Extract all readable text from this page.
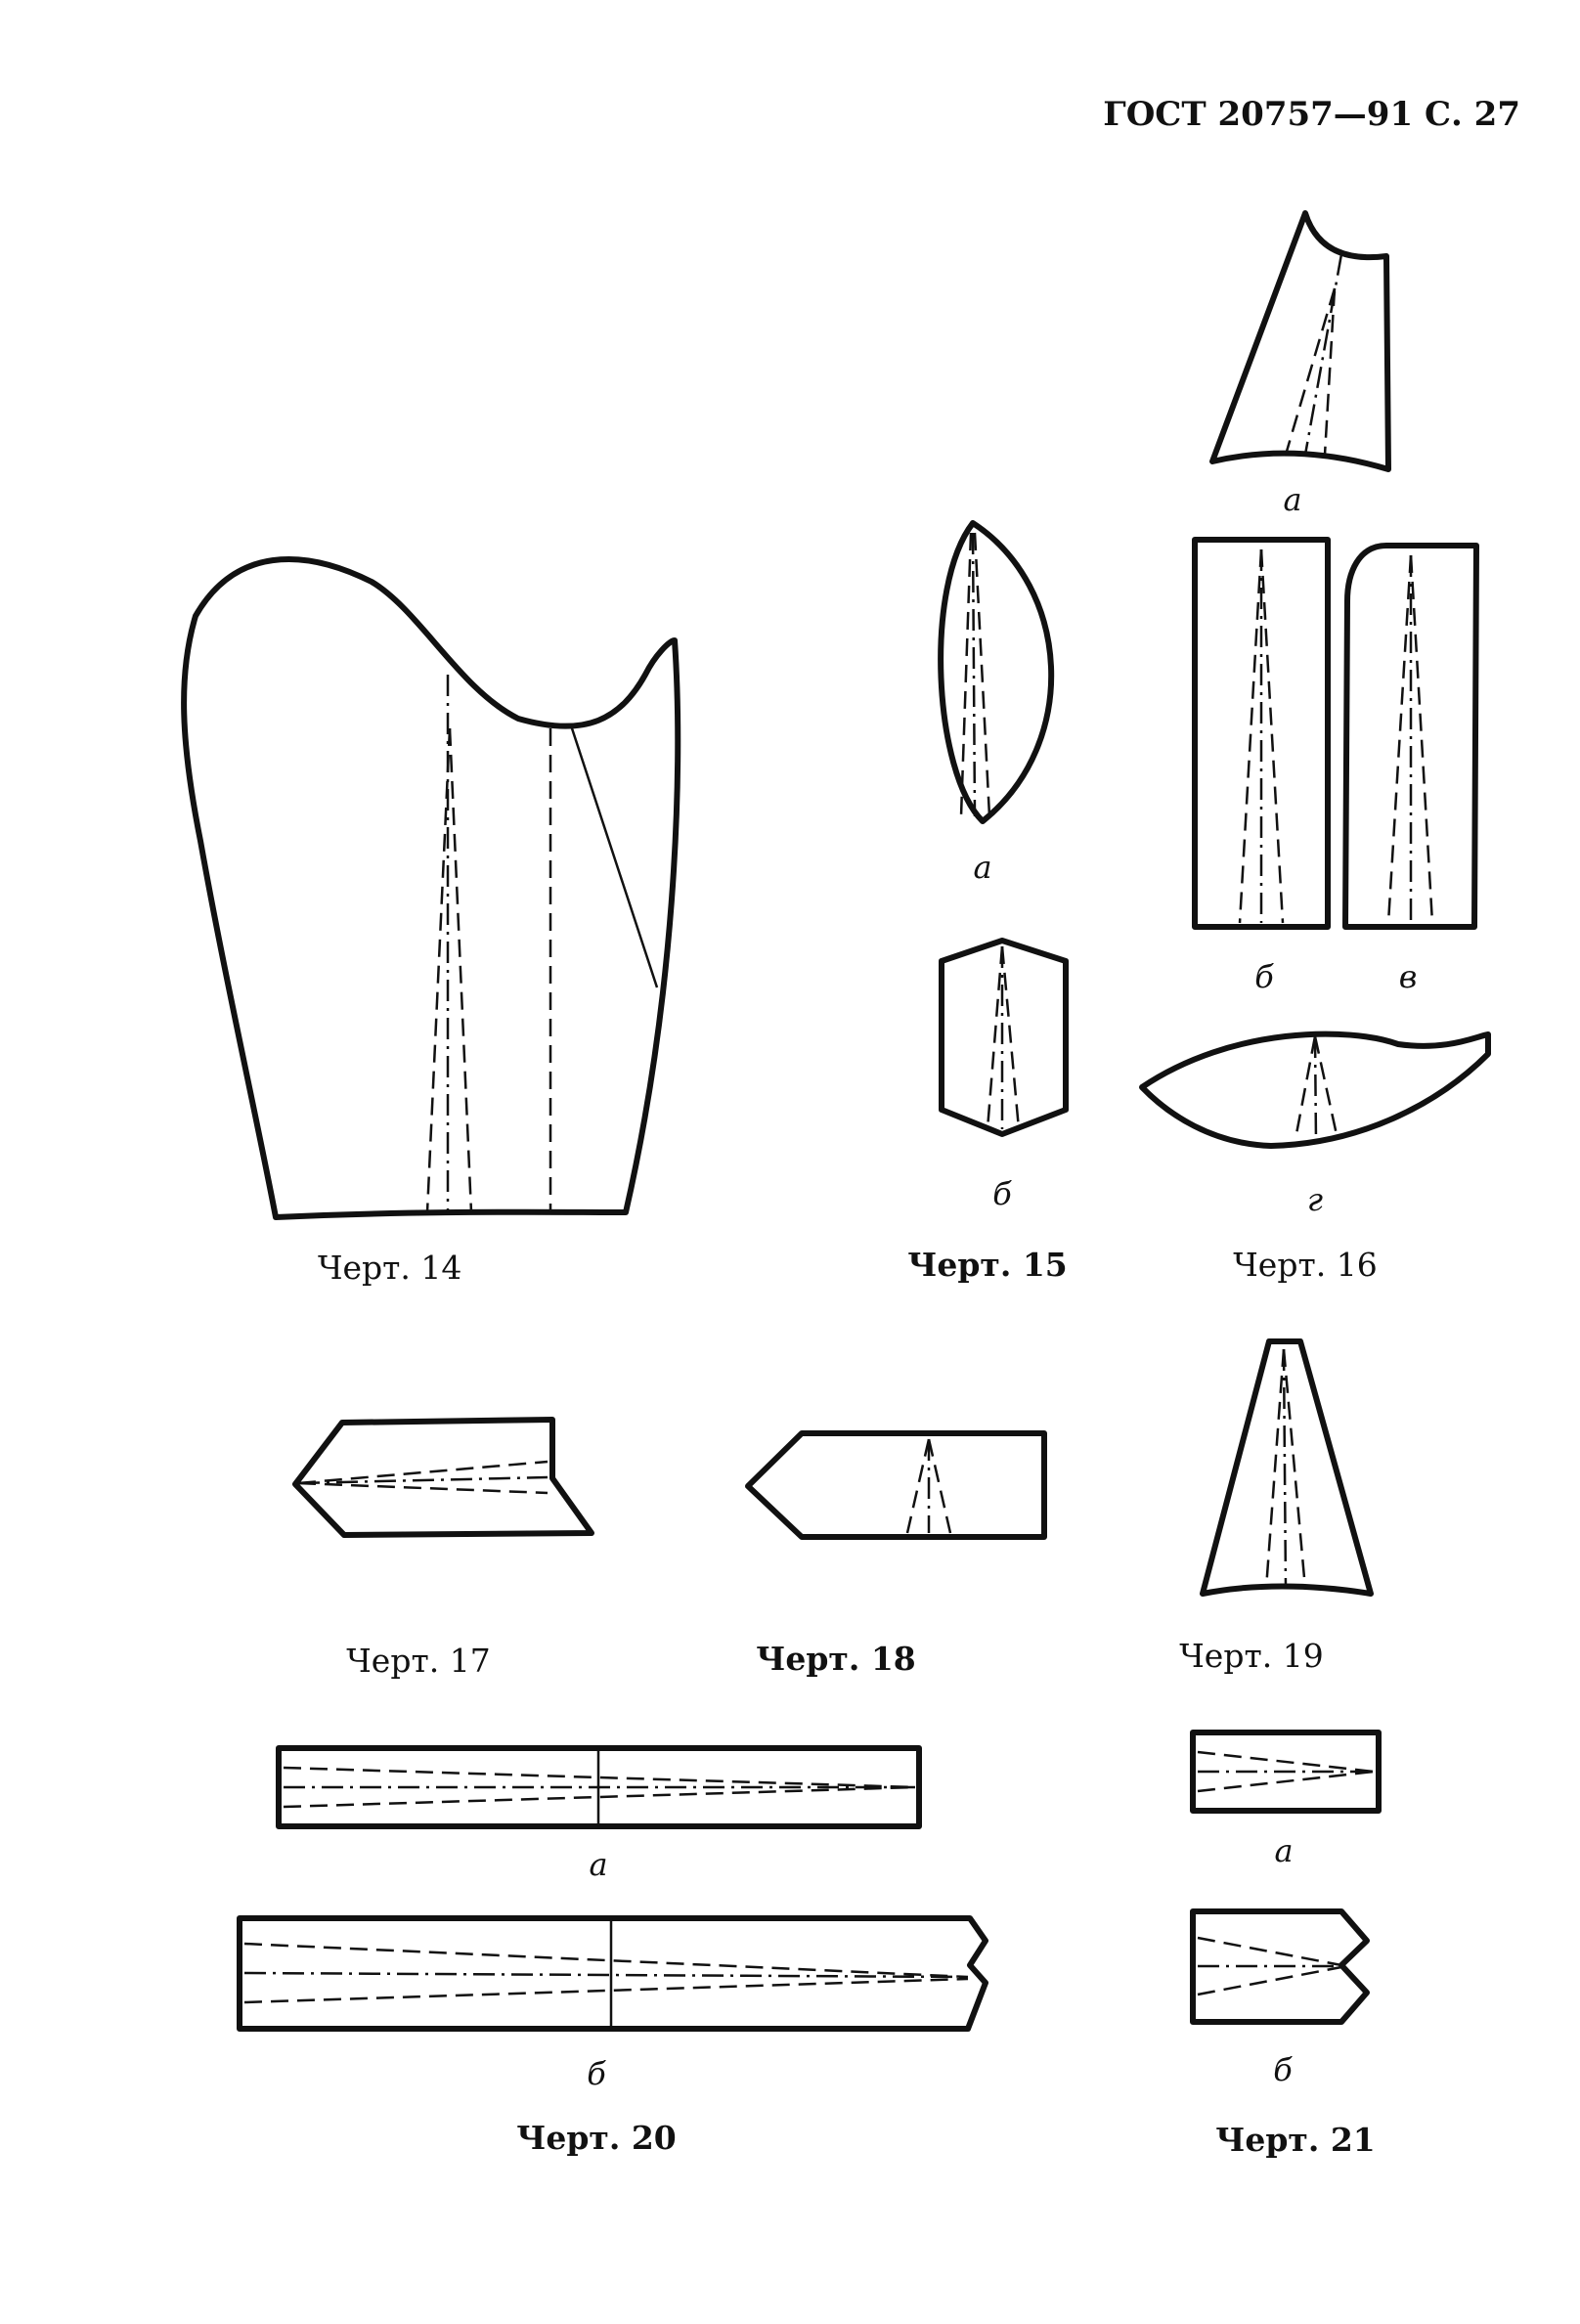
ГОСТ 20757—91 С. 27
Черт. 14
а
б
Черт. 15
а
б	в
г
Черт. 16
Черт. 17	Черт. 18	Черт. 19
а
б
Черт. 20
а
б
Черт. 21
